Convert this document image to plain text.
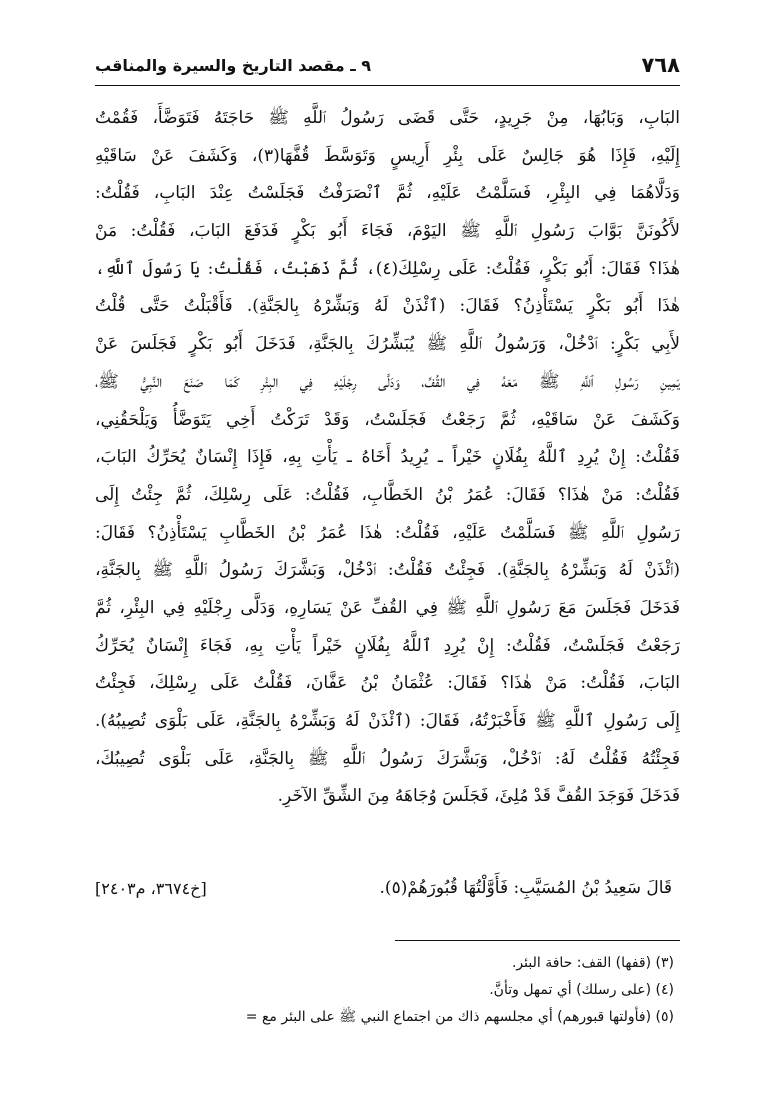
٧٦٨
٩ ـ مقصد التاريخ والسيرة والمناقب
البَابِ، وَبَابُهَا، مِنْ جَرِيدٍ، حَتَّى قَضَى رَسُولُ ٱللَّهِ ﷺ حَاجَتَهُ فَتَوَضَّأَ، فَقُمْتُ
إِلَيْهِ، فَإِذَا هُوَ جَالِسٌ عَلَى بِئْرِ أَرِيسٍ وَتَوَسَّطَ قُفَّهَا(٣)، وَكَشَفَ عَنْ سَاقَيْهِ
وَدَلَّاهُمَا فِي البِئْرِ، فَسَلَّمْتُ عَلَيْهِ، ثُمَّ ٱنْصَرَفْتُ فَجَلَسْتُ عِنْدَ البَابِ، فَقُلْتُ:
لأَكُونَنَّ بَوَّابَ رَسُولِ ٱللَّهِ ﷺ اليَوْمَ، فَجَاءَ أَبُو بَكْرٍ فَدَفَعَ البَابَ، فَقُلْتُ: مَنْ
هٰذَا؟ فَقَالَ: أَبُو بَكْرٍ، فَقُلْتُ: عَلَى رِسْلِكَ(٤)، ثُمَّ ذَهَبْتُ، فَقُلْتُ: يَا رَسُولَ ٱللَّهِ،
هٰذَا أَبُو بَكْرٍ يَسْتَأْذِنُ؟ فَقَالَ: (ٱئْذَنْ لَهُ وَبَشِّرْهُ بِالجَنَّةِ). فَأَقْبَلْتُ حَتَّى قُلْتُ
لأَبِي بَكْرٍ: ٱدْخُلْ، وَرَسُولُ ٱللَّهِ ﷺ يُبَشِّرُكَ بِالجَنَّةِ، فَدَخَلَ أَبُو بَكْرٍ فَجَلَسَ عَنْ
يَمِينِ رَسُولِ ٱللَّهِ ﷺ مَعَهُ فِي القُفِّ، وَدَلَّى رِجْلَيْهِ فِي البِئْرِ كَمَا صَنَعَ النَّبِيُّ ﷺ،
وَكَشَفَ عَنْ سَاقَيْهِ، ثُمَّ رَجَعْتُ فَجَلَسْتُ، وَقَدْ تَرَكْتُ أَخِي يَتَوَضَّأُ وَيَلْحَقُنِي،
فَقُلْتُ: إِنْ يُرِدِ ٱللَّهُ بِفُلَانٍ خَيْراً ـ يُرِيدُ أَخَاهُ ـ يَأْتِ بِهِ، فَإِذَا إِنْسَانٌ يُحَرِّكُ البَابَ،
فَقُلْتُ: مَنْ هٰذَا؟ فَقَالَ: عُمَرُ بْنُ الخَطَّابِ، فَقُلْتُ: عَلَى رِسْلِكَ، ثُمَّ جِئْتُ إِلَى
رَسُولِ ٱللَّهِ ﷺ فَسَلَّمْتُ عَلَيْهِ، فَقُلْتُ: هٰذَا عُمَرُ بْنُ الخَطَّابِ يَسْتَأْذِنُ؟ فَقَالَ:
(ٱئْذَنْ لَهُ وَبَشِّرْهُ بِالجَنَّةِ). فَجِئْتُ فَقُلْتُ: ٱدْخُلْ، وَبَشَّرَكَ رَسُولُ ٱللَّهِ ﷺ بِالجَنَّةِ،
فَدَخَلَ فَجَلَسَ مَعَ رَسُولِ ٱللَّهِ ﷺ فِي القُفِّ عَنْ يَسَارِهِ، وَدَلَّى رِجْلَيْهِ فِي البِئْرِ، ثُمَّ
رَجَعْتُ فَجَلَسْتُ، فَقُلْتُ: إِنْ يُرِدِ ٱللَّهُ بِفُلَانٍ خَيْراً يَأْتِ بِهِ، فَجَاءَ إِنْسَانٌ يُحَرِّكُ
البَابَ، فَقُلْتُ: مَنْ هٰذَا؟ فَقَالَ: عُثْمَانُ بْنُ عَفَّانَ، فَقُلْتُ عَلَى رِسْلِكَ، فَجِئْتُ
إِلَى رَسُولِ ٱللَّهِ ﷺ فَأَخْبَرْتُهُ، فَقَالَ: (ٱئْذَنْ لَهُ وَبَشِّرْهُ بِالجَنَّةِ، عَلَى بَلْوَى تُصِيبُهُ).
فَجِئْتُهُ فَقُلْتُ لَهُ: ٱدْخُلْ، وَبَشَّرَكَ رَسُولُ ٱللَّهِ ﷺ بِالجَنَّةِ، عَلَى بَلْوَى تُصِيبُكَ،
فَدَخَلَ فَوَجَدَ القُفَّ قَدْ مُلِئَ، فَجَلَسَ وُجَاهَهُ مِنَ الشِّقِّ الآخَرِ.
قَالَ سَعِيدُ بْنُ المُسَيَّبِ: فَأَوَّلْتُهَا قُبُورَهُمْ(٥).
[خ٣٦٧٤، م٢٤٠٣]
(٣) (قفها) القف: حافة البئر.
(٤) (على رسلك) أي تمهل وتأنَّ.
(٥) (فأولتها قبورهم) أي مجلسهم ذاك من اجتماع النبي ﷺ على البئر مع =
